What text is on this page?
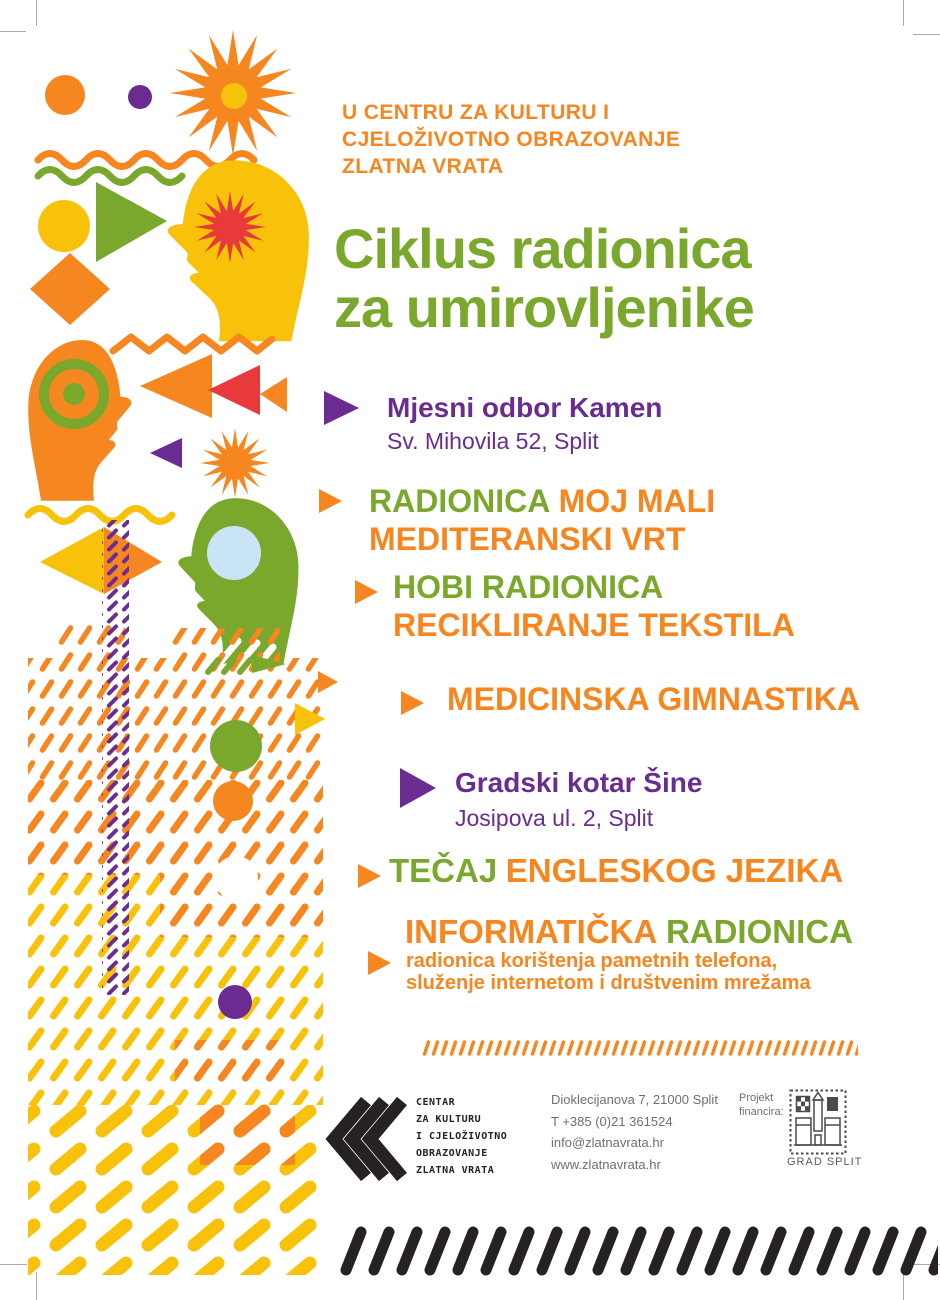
U CENTRU ZA KULTURU I
CJELOŽIVOTNO OBRAZOVANJE
ZLATNA VRATA
Ciklus radionica
za umirovljenike
Mjesni odbor Kamen
Sv. Mihovila 52, Split
RADIONICA MOJ MALI
MEDITERANSKI VRT
HOBI RADIONICA
RECIKLIRANJE TEKSTILA
MEDICINSKA GIMNASTIKA
Gradski kotar Šine
Josipova ul. 2, Split
TEČAJ ENGLESKOG JEZIKA
INFORMATIČKA RADIONICA
radionica korištenja pametnih telefona,
služenje internetom i društvenim mrežama
CENTAR
ZA KULTURU
I CJELOŽIVOTNO
OBRAZOVANJE
ZLATNA VRATA
Dioklecijanova 7, 21000 Split
T +385 (0)21 361524
info@zlatnavrata.hr
www.zlatnavrata.hr
Projekt
financira:
GRAD SPLIT
